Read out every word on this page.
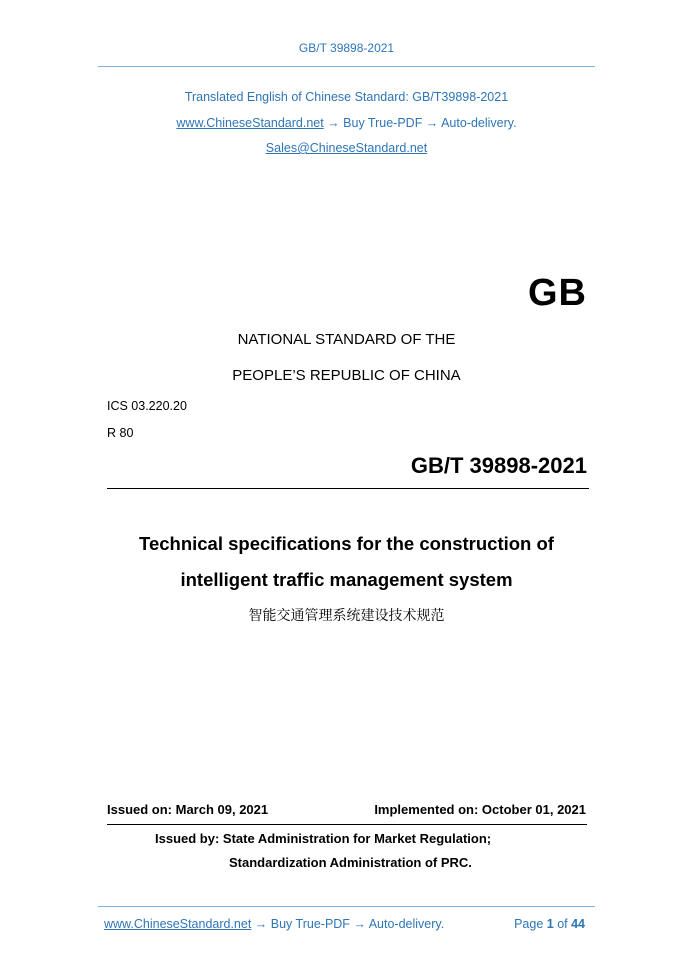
GB/T 39898-2021
Translated English of Chinese Standard: GB/T39898-2021
www.ChineseStandard.net → Buy True-PDF → Auto-delivery.
Sales@ChineseStandard.net
GB
NATIONAL STANDARD OF THE
PEOPLE’S REPUBLIC OF CHINA
ICS 03.220.20
R 80
GB/T 39898-2021
Technical specifications for the construction of
intelligent traffic management system
智能交通管理系统建设技术规范
Issued on: March 09, 2021	Implemented on: October 01, 2021
Issued by: State Administration for Market Regulation;
Standardization Administration of PRC.
www.ChineseStandard.net → Buy True-PDF → Auto-delivery.	Page 1 of 44
